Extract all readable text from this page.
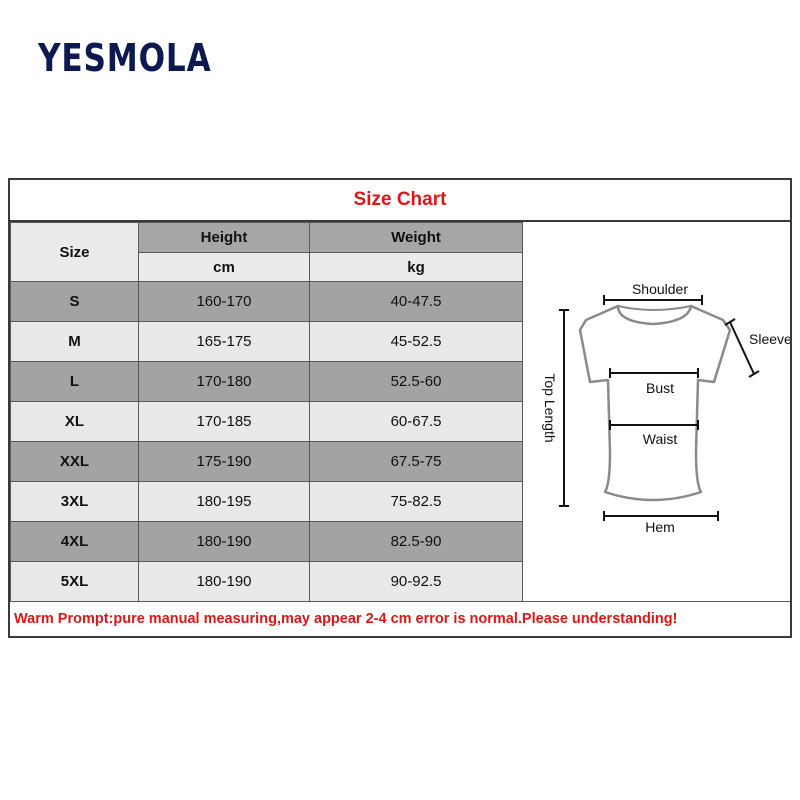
YESMOLA
Size Chart
Size	Height	Weight
	cm	kg
S	160-170	40-47.5
M	165-175	45-52.5
L	170-180	52.5-60
XL	170-185	60-67.5
XXL	175-190	67.5-75
3XL	180-195	75-82.5
4XL	180-190	82.5-90
5XL	180-190	90-92.5
Shoulder
Sleeve
Bust
Waist
Hem
Top Length
Warm Prompt:pure manual measuring,may appear 2-4 cm error is normal.Please understanding!
